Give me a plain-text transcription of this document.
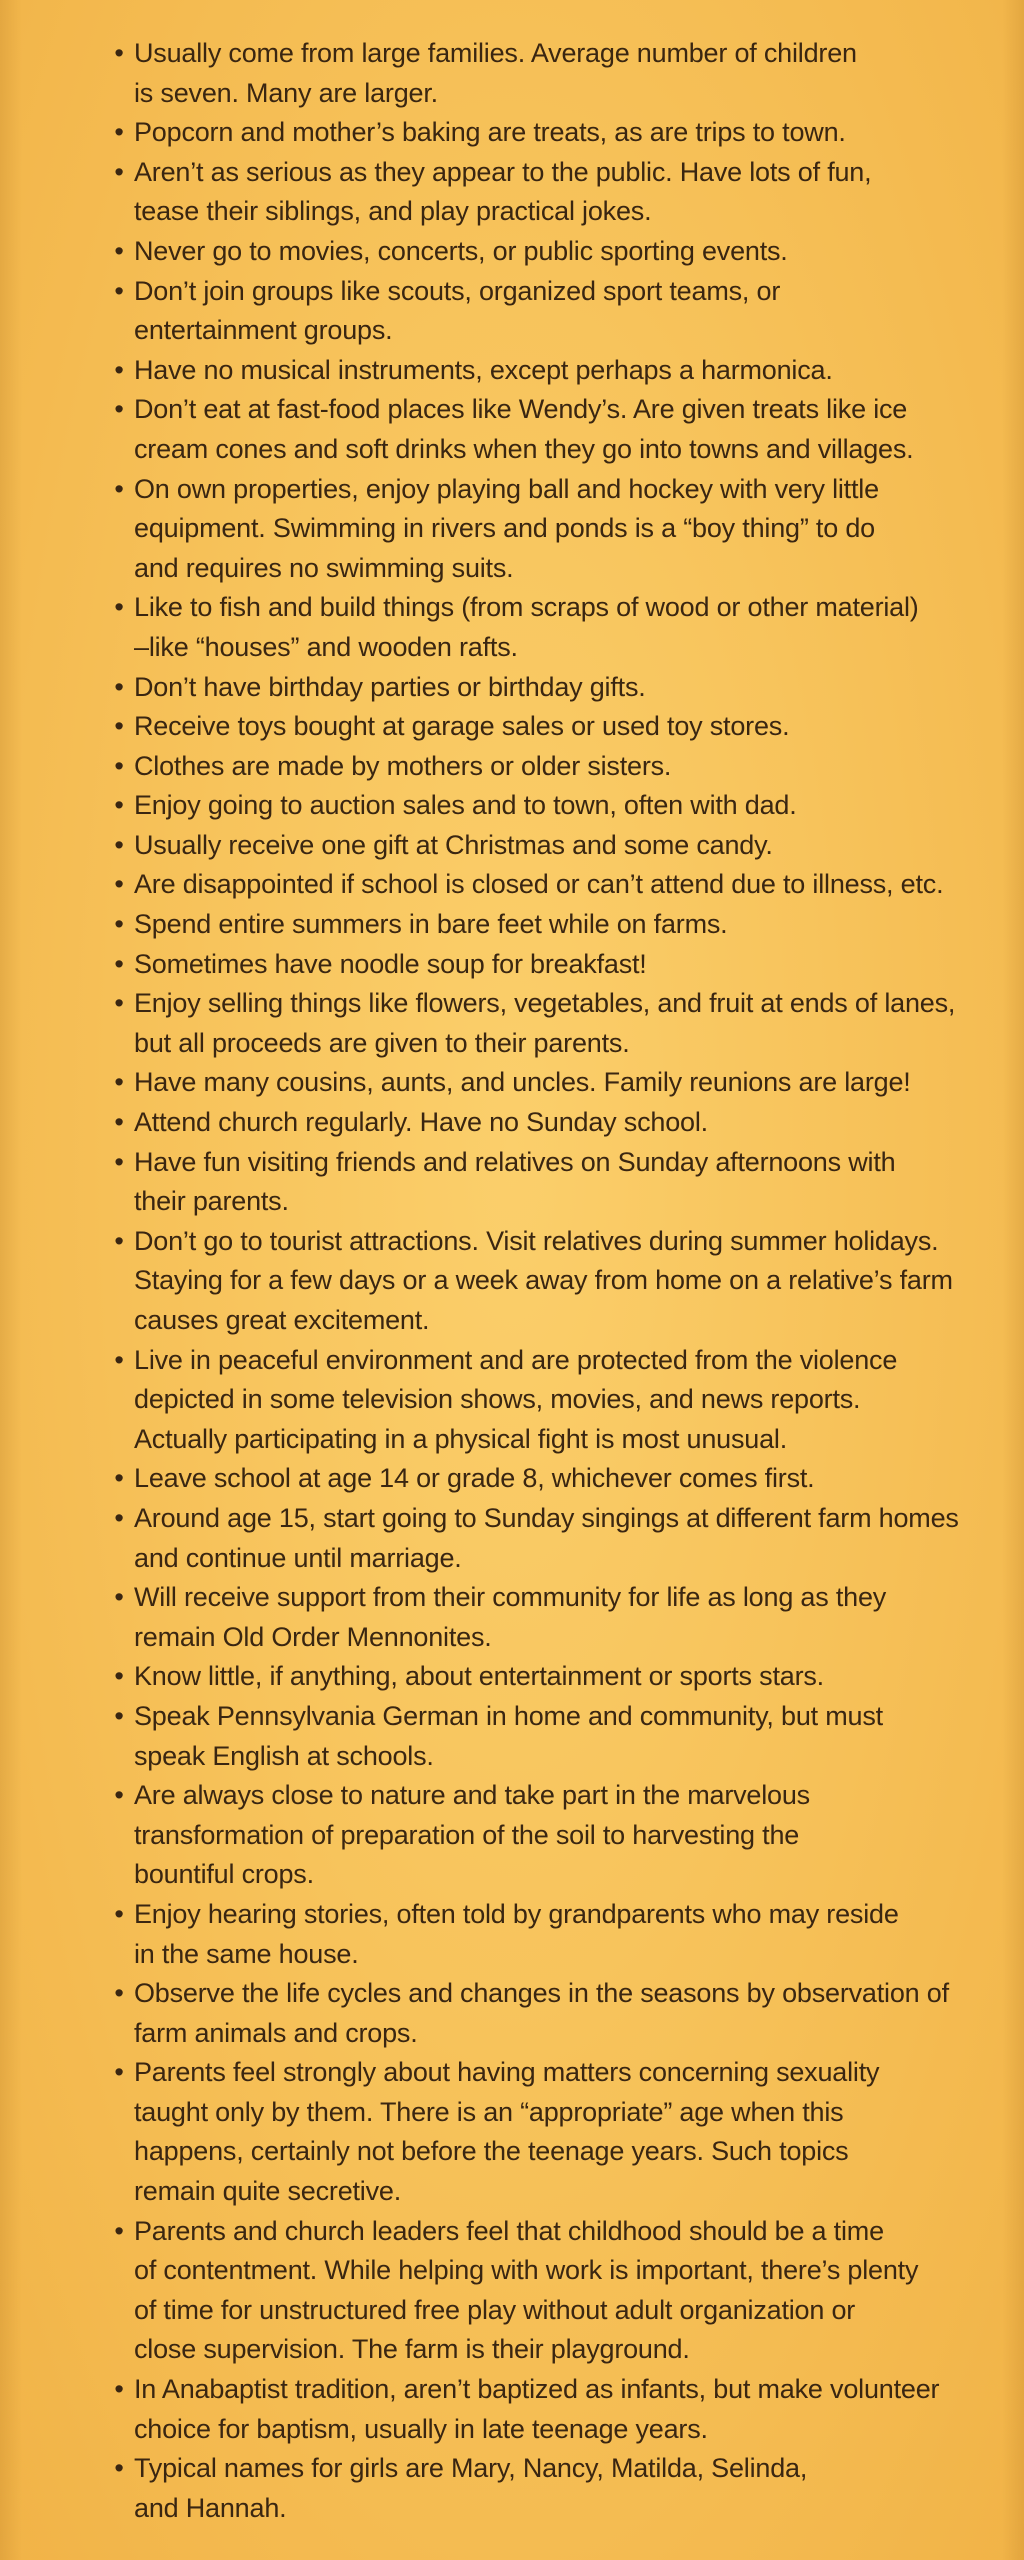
• Usually come from large families. Average number of children
is seven. Many are larger.
• Popcorn and mother’s baking are treats, as are trips to town.
• Aren’t as serious as they appear to the public. Have lots of fun,
tease their siblings, and play practical jokes.
• Never go to movies, concerts, or public sporting events.
• Don’t join groups like scouts, organized sport teams, or
entertainment groups.
• Have no musical instruments, except perhaps a harmonica.
• Don’t eat at fast-food places like Wendy’s. Are given treats like ice
cream cones and soft drinks when they go into towns and villages.
• On own properties, enjoy playing ball and hockey with very little
equipment. Swimming in rivers and ponds is a “boy thing” to do
and requires no swimming suits.
• Like to fish and build things (from scraps of wood or other material)
–like “houses” and wooden rafts.
• Don’t have birthday parties or birthday gifts.
• Receive toys bought at garage sales or used toy stores.
• Clothes are made by mothers or older sisters.
• Enjoy going to auction sales and to town, often with dad.
• Usually receive one gift at Christmas and some candy.
• Are disappointed if school is closed or can’t attend due to illness, etc.
• Spend entire summers in bare feet while on farms.
• Sometimes have noodle soup for breakfast!
• Enjoy selling things like flowers, vegetables, and fruit at ends of lanes,
but all proceeds are given to their parents.
• Have many cousins, aunts, and uncles. Family reunions are large!
• Attend church regularly. Have no Sunday school.
• Have fun visiting friends and relatives on Sunday afternoons with
their parents.
• Don’t go to tourist attractions. Visit relatives during summer holidays.
Staying for a few days or a week away from home on a relative’s farm
causes great excitement.
• Live in peaceful environment and are protected from the violence
depicted in some television shows, movies, and news reports.
Actually participating in a physical fight is most unusual.
• Leave school at age 14 or grade 8, whichever comes first.
• Around age 15, start going to Sunday singings at different farm homes
and continue until marriage.
• Will receive support from their community for life as long as they
remain Old Order Mennonites.
• Know little, if anything, about entertainment or sports stars.
• Speak Pennsylvania German in home and community, but must
speak English at schools.
• Are always close to nature and take part in the marvelous
transformation of preparation of the soil to harvesting the
bountiful crops.
• Enjoy hearing stories, often told by grandparents who may reside
in the same house.
• Observe the life cycles and changes in the seasons by observation of
farm animals and crops.
• Parents feel strongly about having matters concerning sexuality
taught only by them. There is an “appropriate” age when this
happens, certainly not before the teenage years. Such topics
remain quite secretive.
• Parents and church leaders feel that childhood should be a time
of contentment. While helping with work is important, there’s plenty
of time for unstructured free play without adult organization or
close supervision. The farm is their playground.
• In Anabaptist tradition, aren’t baptized as infants, but make volunteer
choice for baptism, usually in late teenage years.
• Typical names for girls are Mary, Nancy, Matilda, Selinda,
and Hannah.
